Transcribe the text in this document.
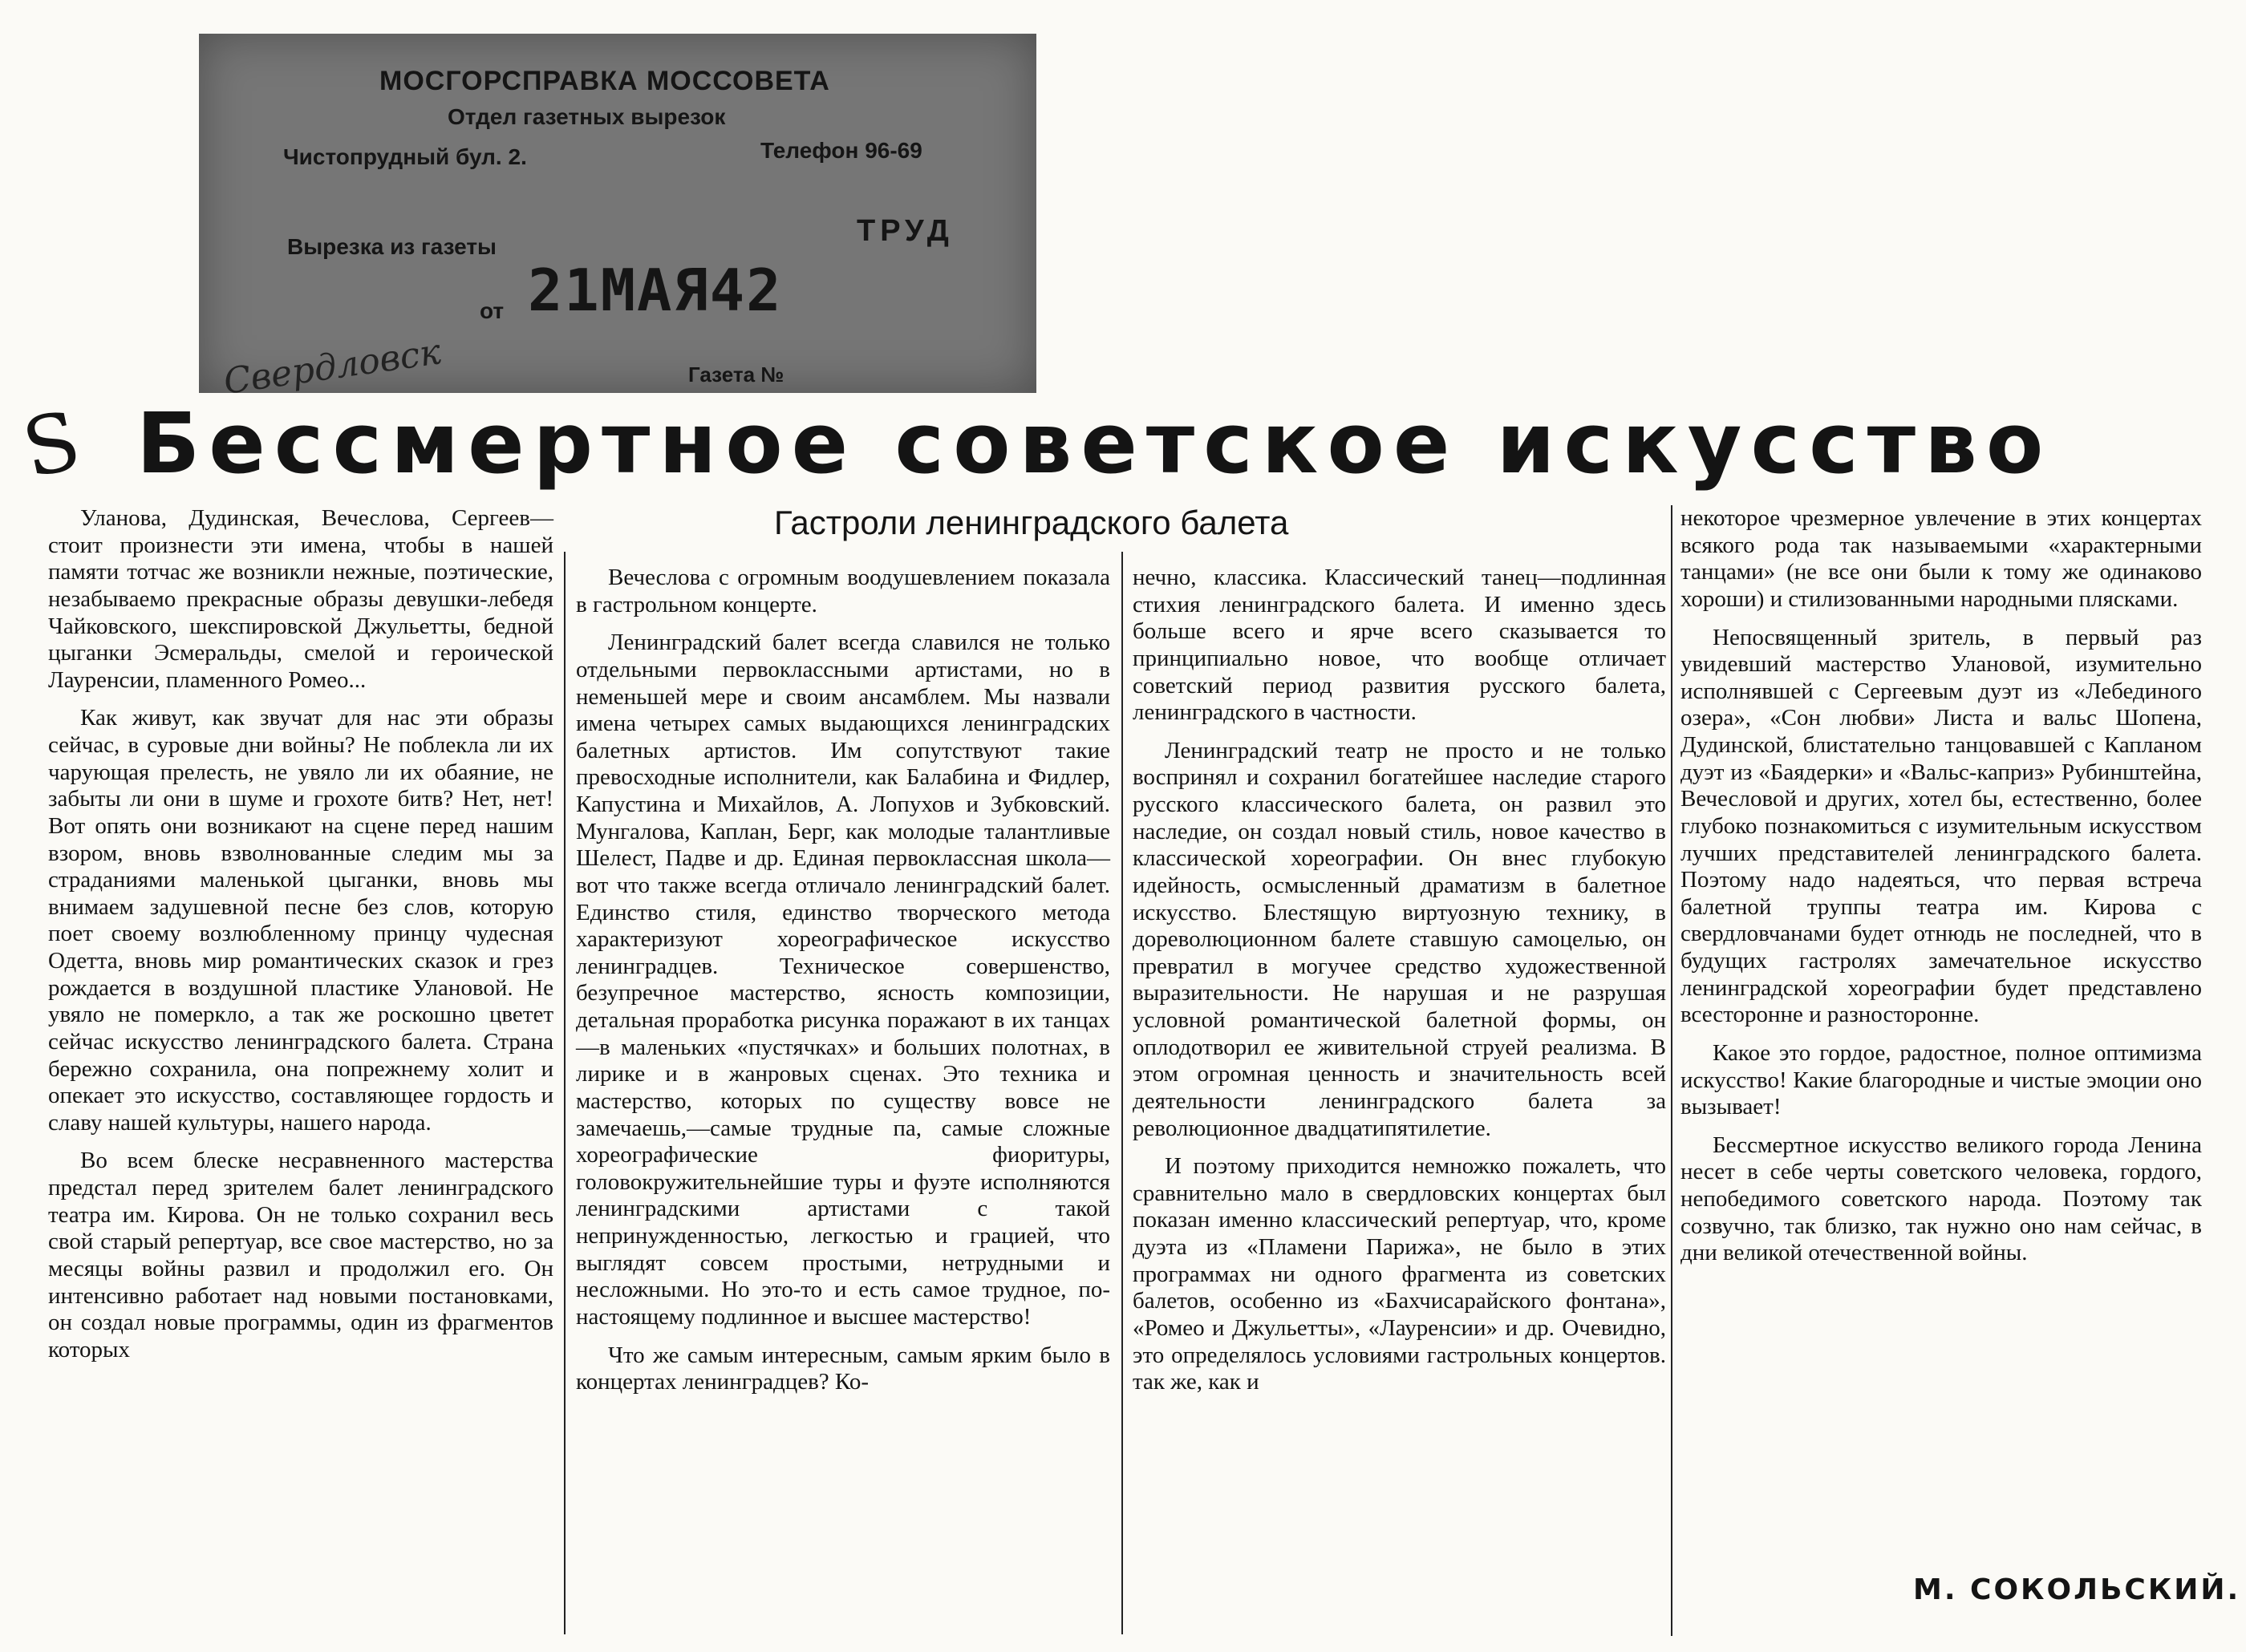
МОСГОРСПРАВКА МОССОВЕТА
Отдел газетных вырезок
Чистопрудный бул. 2.	Телефон 96-69
Вырезка из газеты	ТРУД
от 21МАЯ42
Газета №
Свердловск
S Бессмертное советское искусство
Гастроли ленинградского балета

Уланова, Дудинская, Вечеслова, Сергеев—стоит произнести эти имена, чтобы в нашей памяти тотчас же возникли нежные, поэтические, незабываемо прекрасные образы девушки-лебедя Чайковского, шекспировской Джульетты, бедной цыганки Эсмеральды, смелой и героической Лауренсии, пламенного Ромео...

Как живут, как звучат для нас эти образы сейчас, в суровые дни войны? Не поблекла ли их чарующая прелесть, не увяло ли их обаяние, не забыты ли они в шуме и грохоте битв? Нет, нет! Вот опять они возникают на сцене перед нашим взором, вновь взволнованные следим мы за страданиями маленькой цыганки, вновь мы внимаем задушевной песне без слов, которую поет своему возлюбленному принцу чудесная Одетта, вновь мир романтических сказок и грез рождается в воздушной пластике Улановой. Не увяло не померкло, а так же роскошно цветет сейчас искусство ленинградского балета. Страна бережно сохранила, она попрежнему холит и опекает это искусство, составляющее гордость и славу нашей культуры, нашего народа.

Во всем блеске несравненного мастерства предстал перед зрителем балет ленинградского театра им. Кирова. Он не только сохранил весь свой старый репертуар, все свое мастерство, но за месяцы войны развил и продолжил его. Он интенсивно работает над новыми постановками, он создал новые программы, один из фрагментов которых

Вечеслова с огромным воодушевлением показала в гастрольном концерте.

Ленинградский балет всегда славился не только отдельными первоклассными артистами, но в неменьшей мере и своим ансамблем. Мы назвали имена четырех самых выдающихся ленинградских балетных артистов. Им сопутствуют такие превосходные исполнители, как Балабина и Фидлер, Капустина и Михайлов, А. Лопухов и Зубковский. Мунгалова, Каплан, Берг, как молодые талантливые Шелест, Падве и др. Единая первоклассная школа—вот что также всегда отличало ленинградский балет. Единство стиля, единство творческого метода характеризуют хореографическое искусство ленинградцев. Техническое совершенство, безупречное мастерство, ясность композиции, детальная проработка рисунка поражают в их танцах —в маленьких «пустячках» и больших полотнах, в лирике и в жанровых сценах. Это техника и мастерство, которых по существу вовсе не замечаешь,—самые трудные па, самые сложные хореографические фиоритуры, головокружительнейшие туры и фуэте исполняются ленинградскими артистами с такой непринужденностью, легкостью и грацией, что выглядят совсем простыми, нетрудными и несложными. Но это-то и есть самое трудное, по-настоящему подлинное и высшее мастерство!

Что же самым интересным, самым ярким было в концертах ленинградцев? Ко-

нечно, классика. Классический танец—подлинная стихия ленинградского балета. И именно здесь больше всего и ярче всего сказывается то принципиально новое, что вообще отличает советский период развития русского балета, ленинградского в частности.

Ленинградский театр не просто и не только воспринял и сохранил богатейшее наследие старого русского классического балета, он развил это наследие, он создал новый стиль, новое качество в классической хореографии. Он внес глубокую идейность, осмысленный драматизм в балетное искусство. Блестящую виртуозную технику, в дореволюционном балете ставшую самоцелью, он превратил в могучее средство художественной выразительности. Не нарушая и не разрушая условной романтической балетной формы, он оплодотворил ее живительной струей реализма. В этом огромная ценность и значительность всей деятельности ленинградского балета за революционное двадцатипятилетие.

И поэтому приходится немножко пожалеть, что сравнительно мало в свердловских концертах был показан именно классический репертуар, что, кроме дуэта из «Пламени Парижа», не было в этих программах ни одного фрагмента из советских балетов, особенно из «Бахчисарайского фонтана», «Ромео и Джульетты», «Лауренсии» и др. Очевидно, это определялось условиями гастрольных концертов. так же, как и

некоторое чрезмерное увлечение в этих концертах всякого рода так называемыми «характерными танцами» (не все они были к тому же одинаково хороши) и стилизованными народными плясками.

Непосвященный зритель, в первый раз увидевший мастерство Улановой, изумительно исполнявшей с Сергеевым дуэт из «Лебединого озера», «Сон любви» Листа и вальс Шопена, Дудинской, блистательно танцовавшей с Капланом дуэт из «Баядерки» и «Вальс-каприз» Рубинштейна, Вечесловой и других, хотел бы, естественно, более глубоко познакомиться с изумительным искусством лучших представителей ленинградского балета. Поэтому надо надеяться, что первая встреча балетной труппы театра им. Кирова с свердловчанами будет отнюдь не последней, что в будущих гастролях замечательное искусство ленинградской хореографии будет представлено всесторонне и разносторонне.

Какое это гордое, радостное, полное оптимизма искусство! Какие благородные и чистые эмоции оно вызывает!

Бессмертное искусство великого города Ленина несет в себе черты советского человека, гордого, непобедимого советского народа. Поэтому так созвучно, так близко, так нужно оно нам сейчас, в дни великой отечественной войны.

М. СОКОЛЬСКИЙ.
